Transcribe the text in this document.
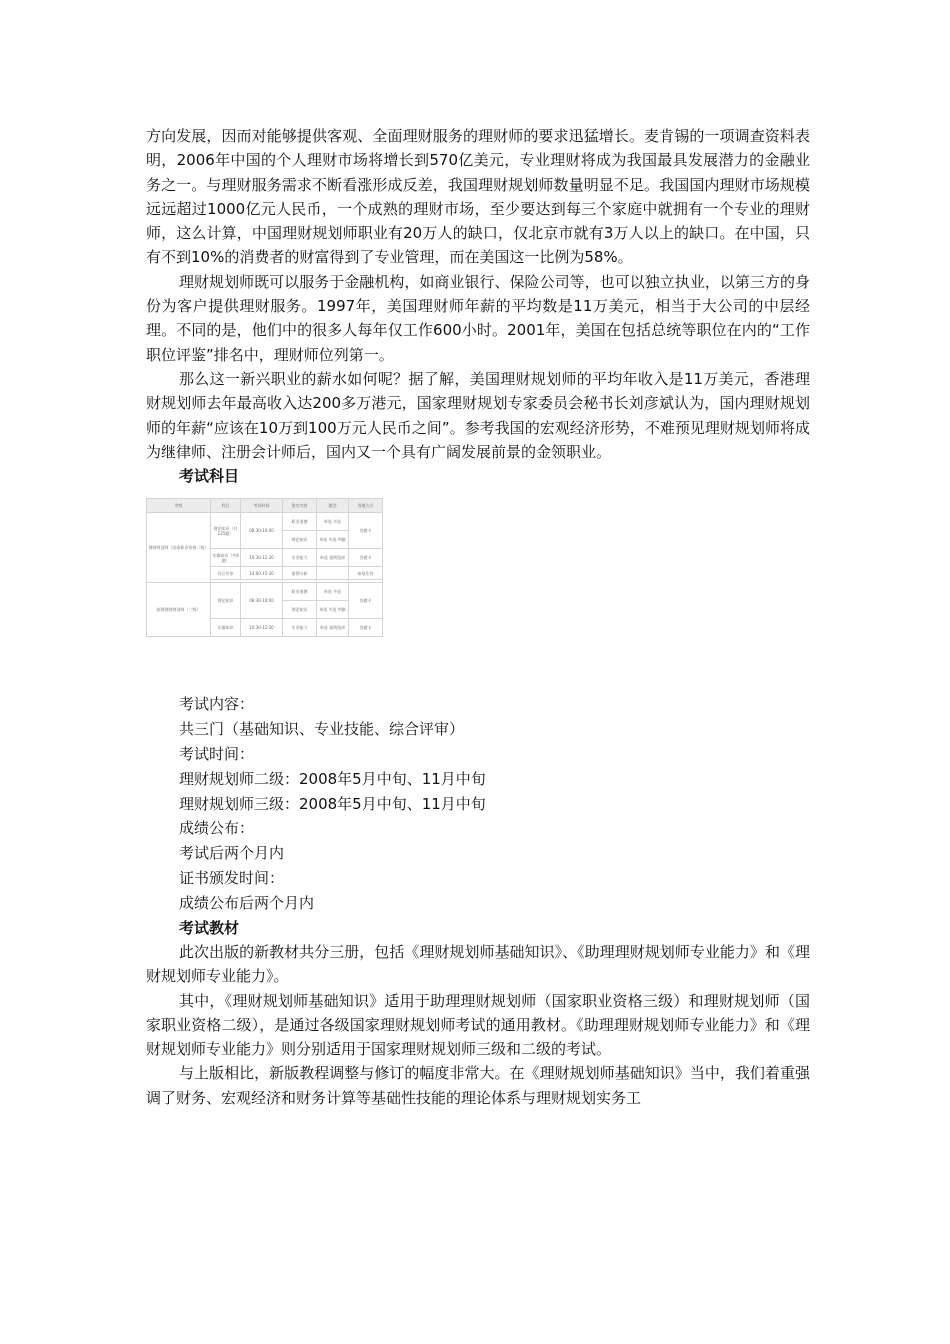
方向发展，因而对能够提供客观、全面理财服务的理财师的要求迅猛增长。麦肯锡的一项调查资料表明，2006年中国的个人理财市场将增长到570亿美元，专业理财将成为我国最具发展潜力的金融业务之一。与理财服务需求不断看涨形成反差，我国理财规划师数量明显不足。我国国内理财市场规模远远超过1000亿元人民币，一个成熟的理财市场，至少要达到每三个家庭中就拥有一个专业的理财师，这么计算，中国理财规划师职业有20万人的缺口，仅北京市就有3万人以上的缺口。在中国，只有不到10%的消费者的财富得到了专业管理，而在美国这一比例为58%。

理财规划师既可以服务于金融机构，如商业银行、保险公司等，也可以独立执业，以第三方的身份为客户提供理财服务。1997年，美国理财师年薪的平均数是11万美元，相当于大公司的中层经理。不同的是，他们中的很多人每年仅工作600小时。2001年，美国在包括总统等职位在内的“工作职位评鉴”排名中，理财师位列第一。

那么这一新兴职业的薪水如何呢？据了解，美国理财规划师的平均年收入是11万美元，香港理财规划师去年最高收入达200多万港元，国家理财规划专家委员会秘书长刘彦斌认为，国内理财规划师的年薪“应该在10万到100万元人民币之间”。参考我国的宏观经济形势，不难预见理财规划师将成为继律师、注册会计师后，国内又一个具有广阔发展前景的金领职业。

考试科目

等级	科目	考试时间	鉴定内容	题型	答题方式
理财规划师（国家职业资格二级）	理论知识（共125题）	08:30-10:00	职业道德	单选 多选	答题卡
			理论知识	单选 多选 判断	
	实操知识（共6题）	10:30-12:30	专业能力	单选 案例选择	答题卡
	综合评审	14:00-15:30	案例分析		纸笔作答

助理理财规划师（三级）	理论知识	08:30-10:00	职业道德	单选 多选	答题卡
			理论知识	单选 多选 判断	
	实操知识	10:30-12:30	专业能力	单选 案例选择	答题卡

考试内容：

共三门（基础知识、专业技能、综合评审）

考试时间：

理财规划师二级：2008年5月中旬、11月中旬

理财规划师三级：2008年5月中旬、11月中旬

成绩公布：

考试后两个月内

证书颁发时间：

成绩公布后两个月内

考试教材

此次出版的新教材共分三册，包括《理财规划师基础知识》、《助理理财规划师专业能力》和《理财规划师专业能力》。

其中，《理财规划师基础知识》适用于助理理财规划师（国家职业资格三级）和理财规划师（国家职业资格二级），是通过各级国家理财规划师考试的通用教材。《助理理财规划师专业能力》和《理财规划师专业能力》则分别适用于国家理财规划师三级和二级的考试。

与上版相比，新版教程调整与修订的幅度非常大。在《理财规划师基础知识》当中，我们着重强调了财务、宏观经济和财务计算等基础性技能的理论体系与理财规划实务工
